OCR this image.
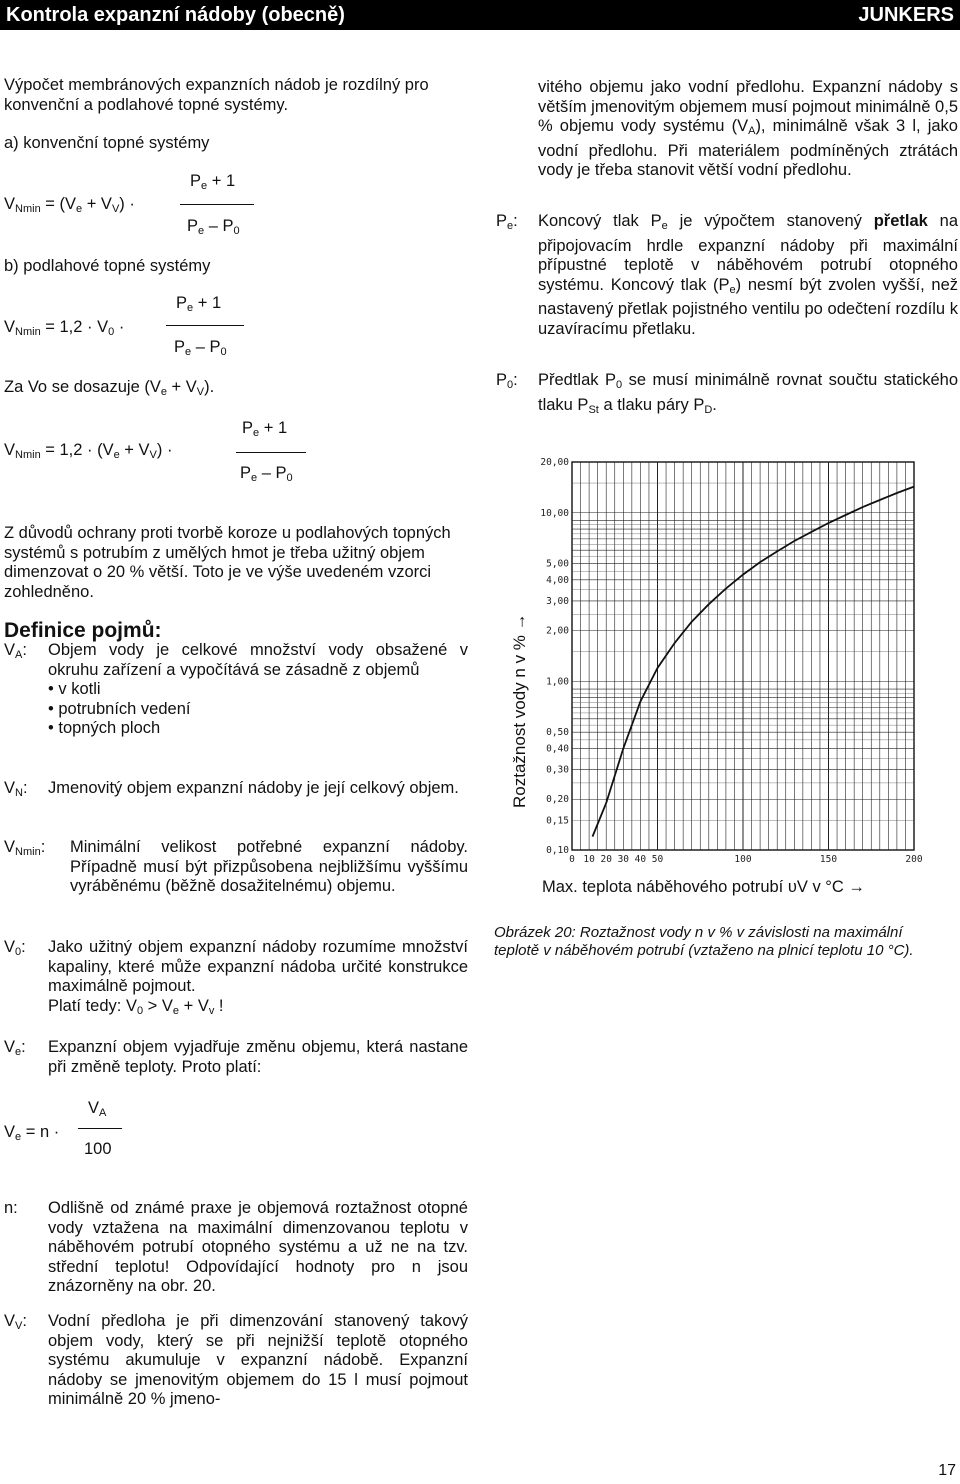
Kontrola expanzní nádoby (obecně)	JUNKERS
Výpočet membránových expanzních nádob je rozdílný pro konvenční a podlahové topné systémy.
a) konvenční topné systémy
$V_{Nmin} = (V_e + V_V)$ ·
$P_e + 1$
$P_e - P_0$
b) podlahové topné systémy
$V_{Nmin} = 1,2 \cdot V_0$ ·
$P_e + 1$
$P_e - P_0$
Za Vo se dosazuje $(V_e + V_V)$.
$V_{Nmin} = 1,2 \cdot (V_e + V_V)$ ·
$P_e + 1$
$P_e - P_0$
Z důvodů ochrany proti tvorbě koroze u podlahových topných systémů s potrubím z umělých hmot je třeba užitný objem dimenzovat o 20 % větší. Toto je ve výše uvedeném vzorci zohledněno.
Definice pojmů:
$V_A$: Objem vody je celkové množství vody obsažené v okruhu zařízení a vypočítává se zásadně z objemů
• v kotli
• potrubních vedení
• topných ploch
$V_N$: Jmenovitý objem expanzní nádoby je její celkový objem.
$V_{Nmin}$: Minimální velikost potřebné expanzní nádoby. Případně musí být přizpůsobena nejbližšímu vyššímu vyráběnému (běžně dosažitelnému) objemu.
$V_0$: Jako užitný objem expanzní nádoby rozumíme množství kapaliny, které může expanzní nádoba určité konstrukce maximálně pojmout.
Platí tedy: $V_0 > V_e + V_v$ !
$V_e$: Expanzní objem vyjadřuje změnu objemu, která nastane při změně teploty. Proto platí:
$V_e = n$ ·
$V_A$
100
n: Odlišně od známé praxe je objemová roztažnost otopné vody vztažena na maximální dimenzovanou teplotu v náběhovém potrubí otopného systému a už ne na tzv. střední teplotu! Odpovídající hodnoty pro n jsou znázorněny na obr. 20.
$V_V$: Vodní předloha je při dimenzování stanovený takový objem vody, který se při nejnižší teplotě otopného systému akumuluje v expanzní nádobě. Expanzní nádoby se jmenovitým objemem do 15 l musí pojmout minimálně 20 % jmeno-
vitého objemu jako vodní předlohu. Expanzní nádoby s větším jmenovitým objemem musí pojmout minimálně 0,5 % objemu vody systému $(V_A)$, minimálně však 3 l, jako vodní předlohu. Při materiálem podmíněných ztrátách vody je třeba stanovit větší vodní předlohu.
$P_e$: Koncový tlak $P_e$ je výpočtem stanovený přetlak na připojovacím hrdle expanzní nádoby při maximální přípustné teplotě v náběhovém potrubí otopného systému. Koncový tlak $(P_e)$ nesmí být zvolen vyšší, než nastavený přetlak pojistného ventilu po odečtení rozdílu k uzavíracímu přetlaku.
$P_0$: Předtlak $P_0$ se musí minimálně rovnat součtu statického tlaku $P_{St}$ a tlaku páry $P_D$.
Roztažnost vody n v % →
0,10
0,15
0,20
0,30
0,40
0,50
1,00
2,00
3,00
4,00
5,00
10,00
20,00
0 10 20 30 40 50	100	150	200
Max. teplota náběhového potrubí υV v °C →
Obrázek 20: Roztažnost vody n v % v závislosti na maximální teplotě v náběhovém potrubí (vztaženo na plnicí teplotu 10 °C).
17
